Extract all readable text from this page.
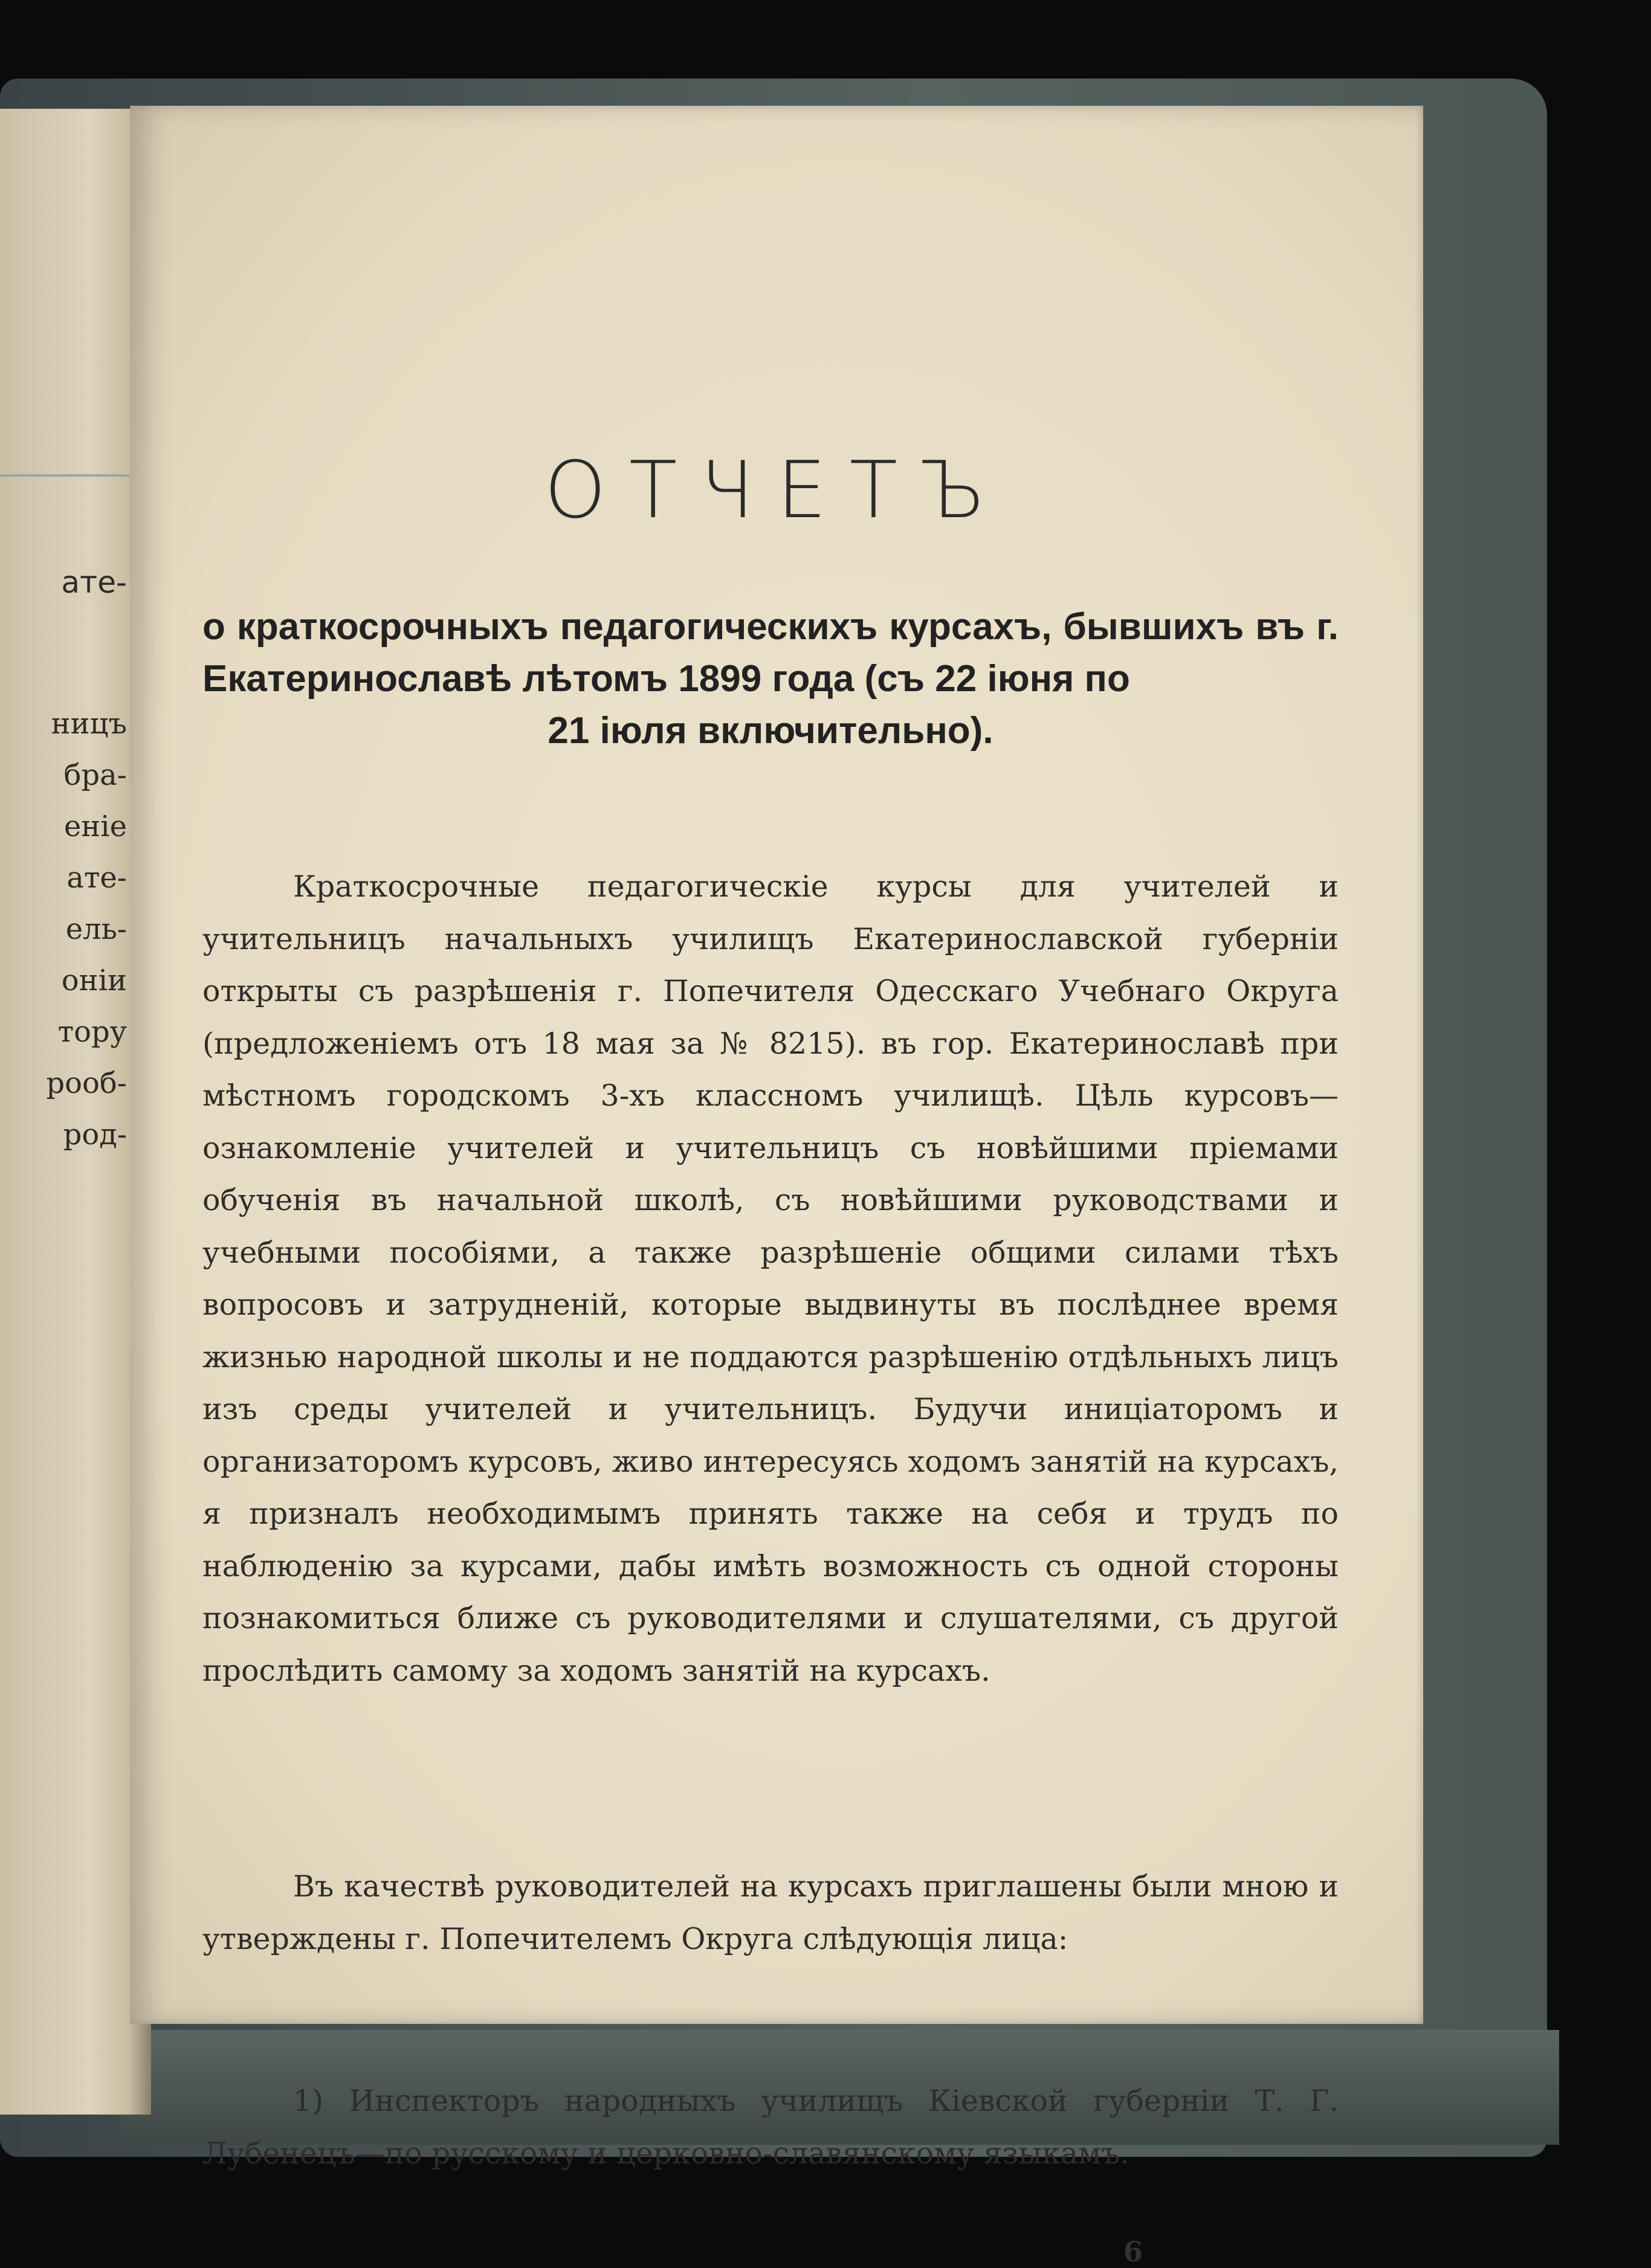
ате-
ницъ
бра-
еніе
ате-
ель-
оніи
тору
рооб-
род-
ОТЧЕТЪ

о краткосрочныхъ педагогическихъ курсахъ, бывшихъ въ г. Екатеринославѣ лѣтомъ 1899 года (съ 22 іюня по
21 іюля включительно).

Краткосрочные педагогическіе курсы для учителей и учительницъ начальныхъ училищъ Екатеринославской губерніи открыты съ разрѣшенія г. Попечителя Одесскаго Учебнаго Округа (предложеніемъ отъ 18 мая за № 8215). въ гор. Екатеринославѣ при мѣстномъ городскомъ 3-хъ классномъ училищѣ. Цѣль курсовъ—ознакомленіе учителей и учительницъ съ новѣйшими пріемами обученія въ начальной школѣ, съ новѣйшими руководствами и учебными пособіями, а также разрѣшеніе общими силами тѣхъ вопросовъ и затрудненій, которые выдвинуты въ послѣднее время жизнью народной школы и не поддаются разрѣшенію отдѣльныхъ лицъ изъ среды учителей и учительницъ. Будучи иниціаторомъ и организаторомъ курсовъ, живо интересуясь ходомъ занятій на курсахъ, я призналъ необходимымъ принять также на себя и трудъ по наблюденію за курсами, дабы имѣть возможность съ одной стороны познакомиться ближе съ руководителями и слушателями, съ другой прослѣдить самому за ходомъ занятій на курсахъ.

Въ качествѣ руководителей на курсахъ приглашены были мною и утверждены г. Попечителемъ Округа слѣдующія лица:

1) Инспекторъ народныхъ училищъ Кіевской губерніи Т. Г. Лубенецъ—по русскому и церковно-славянскому языкамъ.

6
